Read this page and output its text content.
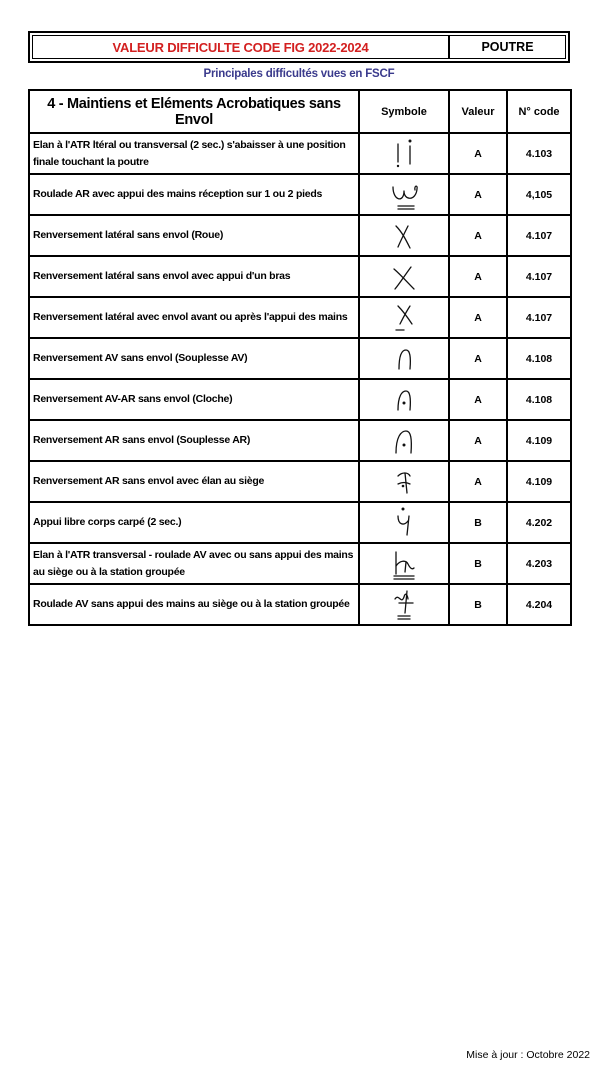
VALEUR DIFFICULTE CODE FIG 2022-2024	POUTRE
Principales difficultés vues en FSCF
4 - Maintiens et Eléments Acrobatiques sans Envol	Symbole	Valeur	N° code
Elan à l'ATR ltéral ou transversal (2 sec.) s'abaisser à une position finale touchant la poutre		A	4.103
Roulade AR avec appui des mains réception sur 1 ou 2 pieds		A	4,105
Renversement latéral sans envol (Roue)		A	4.107
Renversement latéral sans envol avec appui d'un bras		A	4.107
Renversement latéral avec envol avant ou après l'appui des mains		A	4.107
Renversement AV sans envol (Souplesse AV)		A	4.108
Renversement AV-AR sans envol (Cloche)		A	4.108
Renversement AR sans envol (Souplesse AR)		A	4.109
Renversement AR sans envol avec élan au siège		A	4.109
Appui libre corps carpé (2 sec.)		B	4.202
Elan à l'ATR transversal - roulade AV avec ou sans appui des mains au siège ou à la station groupée		B	4.203
Roulade AV sans appui des mains au siège ou à la station groupée		B	4.204
Mise à jour : Octobre 2022
